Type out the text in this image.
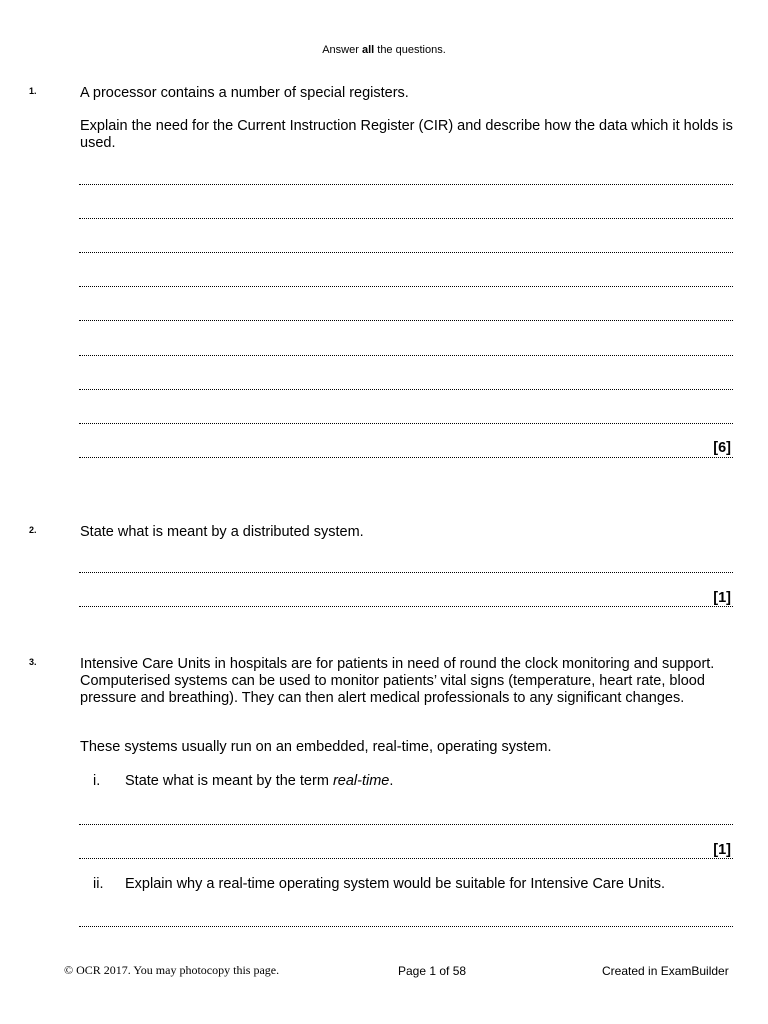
Answer all the questions.
1.	A processor contains a number of special registers.
Explain the need for the Current Instruction Register (CIR) and describe how the data which it holds is used.
[6]
2.	State what is meant by a distributed system.
[1]
3.	Intensive Care Units in hospitals are for patients in need of round the clock monitoring and support. Computerised systems can be used to monitor patients’ vital signs (temperature, heart rate, blood pressure and breathing). They can then alert medical professionals to any significant changes.
These systems usually run on an embedded, real-time, operating system.
i. State what is meant by the term real-time.
[1]
ii. Explain why a real-time operating system would be suitable for Intensive Care Units.
© OCR 2017. You may photocopy this page.	Page 1 of 58	Created in ExamBuilder
